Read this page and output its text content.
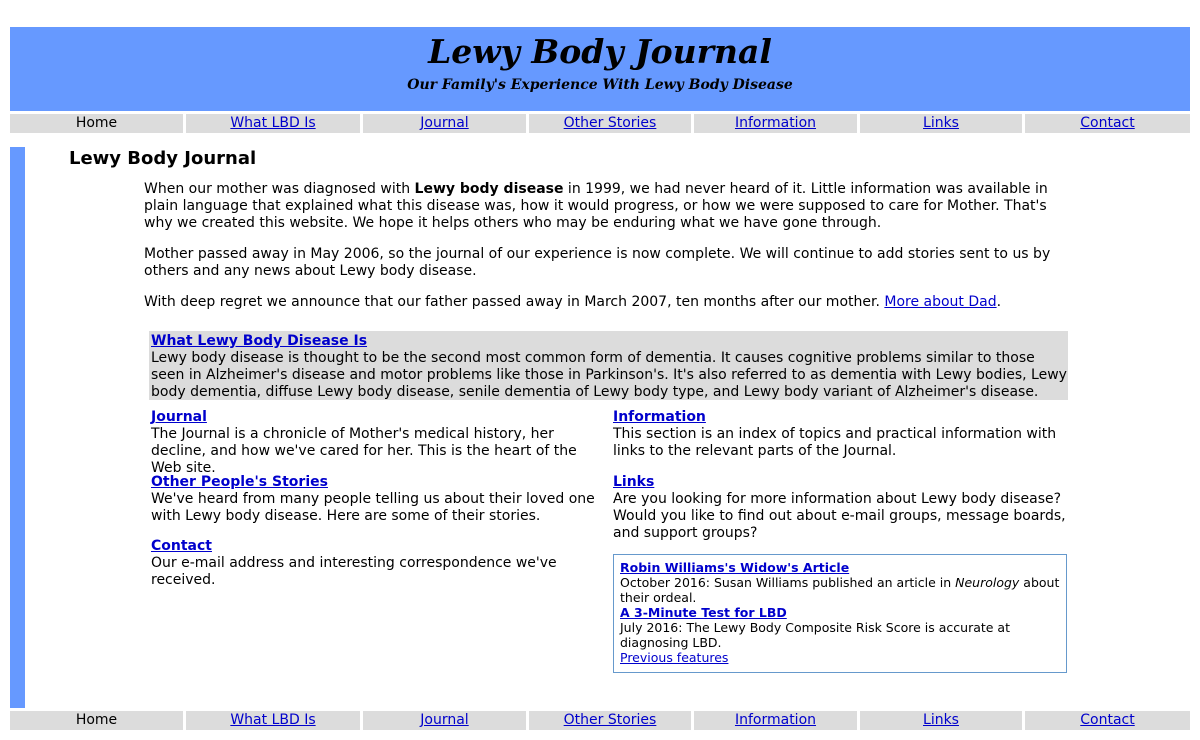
Lewy Body Journal
Our Family's Experience With Lewy Body Disease
Home	What LBD Is	Journal	Other Stories	Information	Links	Contact
Lewy Body Journal

When our mother was diagnosed with Lewy body disease in 1999, we had never heard of it. Little information was available in plain language that explained what this disease was, how it would progress, or how we were supposed to care for Mother. That's why we created this website. We hope it helps others who may be enduring what we have gone through.

Mother passed away in May 2006, so the journal of our experience is now complete. We will continue to add stories sent to us by others and any news about Lewy body disease.

With deep regret we announce that our father passed away in March 2007, ten months after our mother. More about Dad.

What Lewy Body Disease Is
Lewy body disease is thought to be the second most common form of dementia. It causes cognitive problems similar to those seen in Alzheimer's disease and motor problems like those in Parkinson's. It's also referred to as dementia with Lewy bodies, Lewy body dementia, diffuse Lewy body disease, senile dementia of Lewy body type, and Lewy body variant of Alzheimer's disease.
Journal
The Journal is a chronicle of Mother's medical history, her decline, and how we've cared for her. This is the heart of the Web site.
Information
This section is an index of topics and practical information with links to the relevant parts of the Journal.
Other People's Stories
We've heard from many people telling us about their loved one with Lewy body disease. Here are some of their stories.
Links
Are you looking for more information about Lewy body disease? Would you like to find out about e-mail groups, message boards, and support groups?
Contact
Our e-mail address and interesting correspondence we've received.
Robin Williams's Widow's Article
October 2016: Susan Williams published an article in Neurology about their ordeal.
A 3-Minute Test for LBD
July 2016: The Lewy Body Composite Risk Score is accurate at diagnosing LBD.
Previous features
Home	What LBD Is	Journal	Other Stories	Information	Links	Contact
